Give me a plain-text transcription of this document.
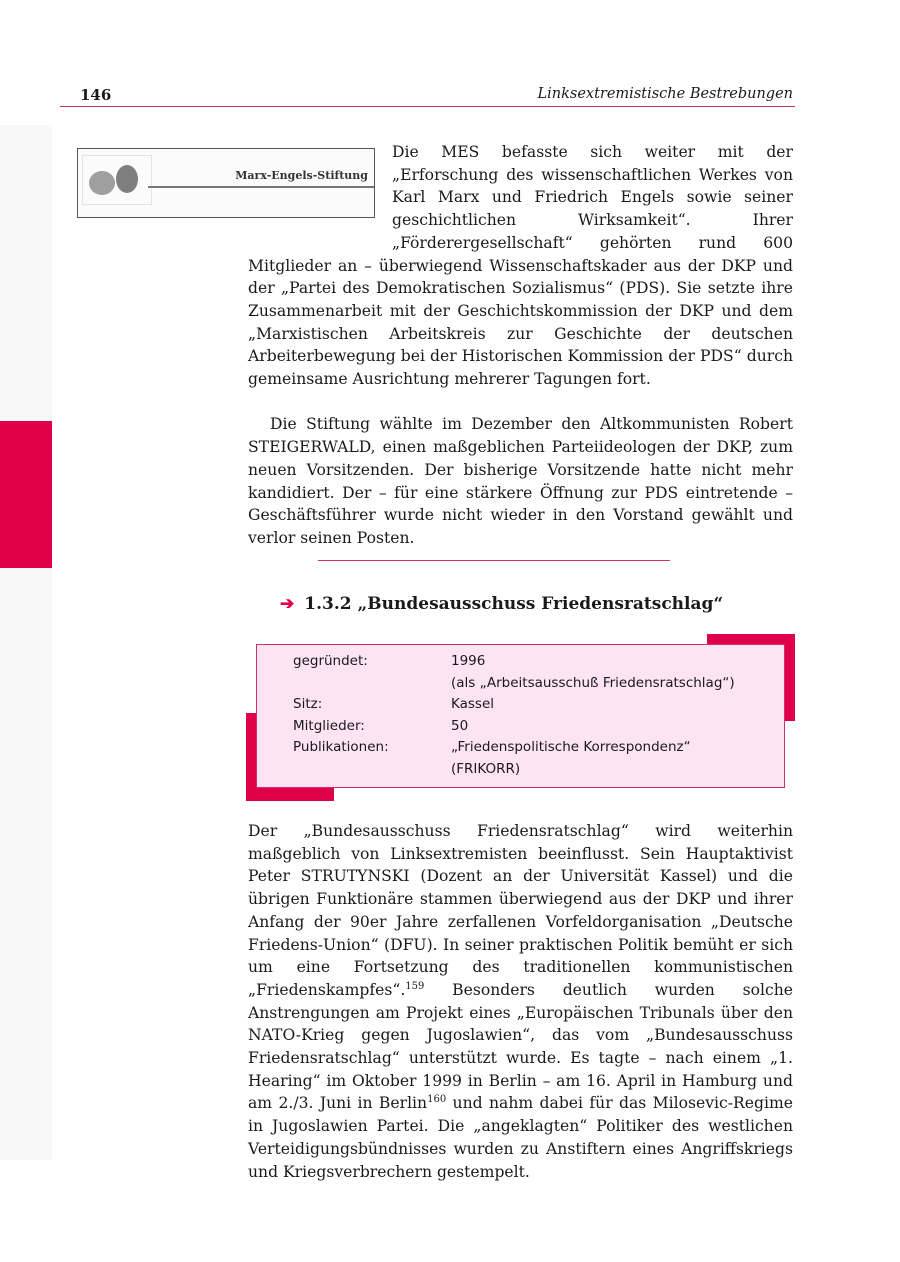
146	Linksextremistische Bestrebungen
Marx-Engels-Stiftung

Die MES befasste sich weiter mit der „Erforschung des wissenschaftlichen Werkes von Karl Marx und Friedrich Engels sowie seiner geschichtlichen Wirksamkeit“. Ihrer „Förderergesellschaft“ gehörten rund 600 Mitglieder an – überwiegend Wissenschaftskader aus der DKP und der „Partei des Demokratischen Sozialismus“ (PDS). Sie setzte ihre Zusammenarbeit mit der Geschichtskommission der DKP und dem „Marxistischen Arbeitskreis zur Geschichte der deutschen Arbeiterbewegung bei der Historischen Kommission der PDS“ durch gemeinsame Ausrichtung mehrerer Tagungen fort.

Die Stiftung wählte im Dezember den Altkommunisten Robert STEIGERWALD, einen maßgeblichen Parteiideologen der DKP, zum neuen Vorsitzenden. Der bisherige Vorsitzende hatte nicht mehr kandidiert. Der – für eine stärkere Öffnung zur PDS eintretende – Geschäftsführer wurde nicht wieder in den Vorstand gewählt und verlor seinen Posten.

➔ 1.3.2 „Bundesausschuss Friedensratschlag“
gegründet:	1996
(als „Arbeitsausschuß Friedensratschlag“)
Sitz:	Kassel
Mitglieder:	50
Publikationen:	„Friedenspolitische Korrespondenz“
(FRIKORR)

Der „Bundesausschuss Friedensratschlag“ wird weiterhin maßgeblich von Linksextremisten beeinflusst. Sein Hauptaktivist Peter STRUTYNSKI (Dozent an der Universität Kassel) und die übrigen Funktionäre stammen überwiegend aus der DKP und ihrer Anfang der 90er Jahre zerfallenen Vorfeldorganisation „Deutsche Friedens-Union“ (DFU). In seiner praktischen Politik bemüht er sich um eine Fortsetzung des traditionellen kommunistischen „Friedenskampfes“.$^{159}$ Besonders deutlich wurden solche Anstrengungen am Projekt eines „Europäischen Tribunals über den NATO-Krieg gegen Jugoslawien“, das vom „Bundesausschuss Friedensratschlag“ unterstützt wurde. Es tagte – nach einem „1. Hearing“ im Oktober 1999 in Berlin – am 16. April in Hamburg und am 2./3. Juni in Berlin$^{160}$ und nahm dabei für das Milosevic-Regime in Jugoslawien Partei. Die „angeklagten“ Politiker des westlichen Verteidigungsbündnisses wurden zu Anstiftern eines Angriffskriegs und Kriegsverbrechern gestempelt.
